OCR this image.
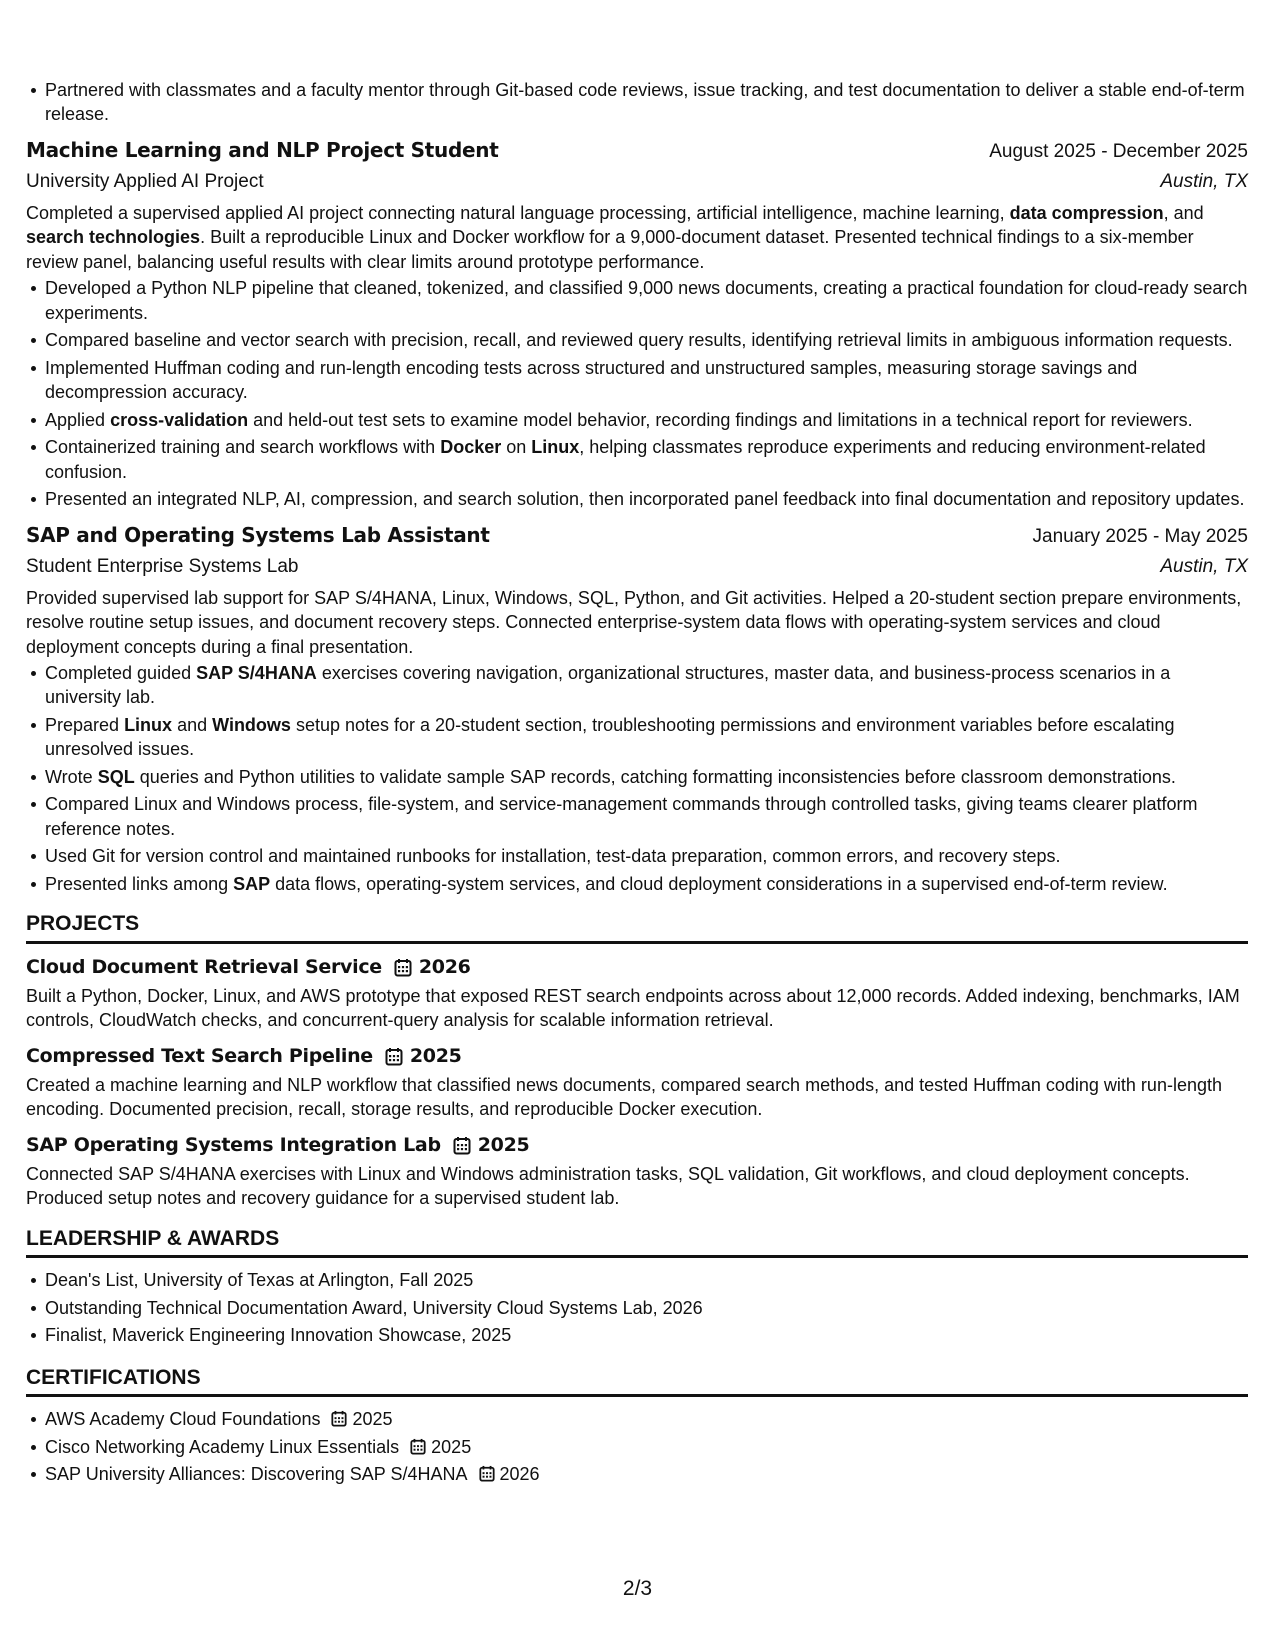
Partnered with classmates and a faculty mentor through Git-based code reviews, issue tracking, and test documentation to deliver a stable end-of-term release.
Machine Learning and NLP Project Student	August 2025 - December 2025
University Applied AI Project	Austin, TX

Completed a supervised applied AI project connecting natural language processing, artificial intelligence, machine learning, data compression, and search technologies. Built a reproducible Linux and Docker workflow for a 9,000-document dataset. Presented technical findings to a six-member review panel, balancing useful results with clear limits around prototype performance.

Developed a Python NLP pipeline that cleaned, tokenized, and classified 9,000 news documents, creating a practical foundation for cloud-ready search experiments.
Compared baseline and vector search with precision, recall, and reviewed query results, identifying retrieval limits in ambiguous information requests.
Implemented Huffman coding and run-length encoding tests across structured and unstructured samples, measuring storage savings and decompression accuracy.
Applied cross-validation and held-out test sets to examine model behavior, recording findings and limitations in a technical report for reviewers.
Containerized training and search workflows with Docker on Linux, helping classmates reproduce experiments and reducing environment-related confusion.
Presented an integrated NLP, AI, compression, and search solution, then incorporated panel feedback into final documentation and repository updates.
SAP and Operating Systems Lab Assistant	January 2025 - May 2025
Student Enterprise Systems Lab	Austin, TX

Provided supervised lab support for SAP S/4HANA, Linux, Windows, SQL, Python, and Git activities. Helped a 20-student section prepare environments, resolve routine setup issues, and document recovery steps. Connected enterprise-system data flows with operating-system services and cloud deployment concepts during a final presentation.

Completed guided SAP S/4HANA exercises covering navigation, organizational structures, master data, and business-process scenarios in a university lab.
Prepared Linux and Windows setup notes for a 20-student section, troubleshooting permissions and environment variables before escalating unresolved issues.
Wrote SQL queries and Python utilities to validate sample SAP records, catching formatting inconsistencies before classroom demonstrations.
Compared Linux and Windows process, file-system, and service-management commands through controlled tasks, giving teams clearer platform reference notes.
Used Git for version control and maintained runbooks for installation, test-data preparation, common errors, and recovery steps.
Presented links among SAP data flows, operating-system services, and cloud deployment considerations in a supervised end-of-term review.
PROJECTS
Cloud Document Retrieval Service 2026

Built a Python, Docker, Linux, and AWS prototype that exposed REST search endpoints across about 12,000 records. Added indexing, benchmarks, IAM controls, CloudWatch checks, and concurrent-query analysis for scalable information retrieval.

Compressed Text Search Pipeline 2025

Created a machine learning and NLP workflow that classified news documents, compared search methods, and tested Huffman coding with run-length encoding. Documented precision, recall, storage results, and reproducible Docker execution.

SAP Operating Systems Integration Lab 2025

Connected SAP S/4HANA exercises with Linux and Windows administration tasks, SQL validation, Git workflows, and cloud deployment concepts. Produced setup notes and recovery guidance for a supervised student lab.

LEADERSHIP & AWARDS
Dean's List, University of Texas at Arlington, Fall 2025
Outstanding Technical Documentation Award, University Cloud Systems Lab, 2026
Finalist, Maverick Engineering Innovation Showcase, 2025
CERTIFICATIONS
AWS Academy Cloud Foundations 2025
Cisco Networking Academy Linux Essentials 2025
SAP University Alliances: Discovering SAP S/4HANA 2026
2/3
